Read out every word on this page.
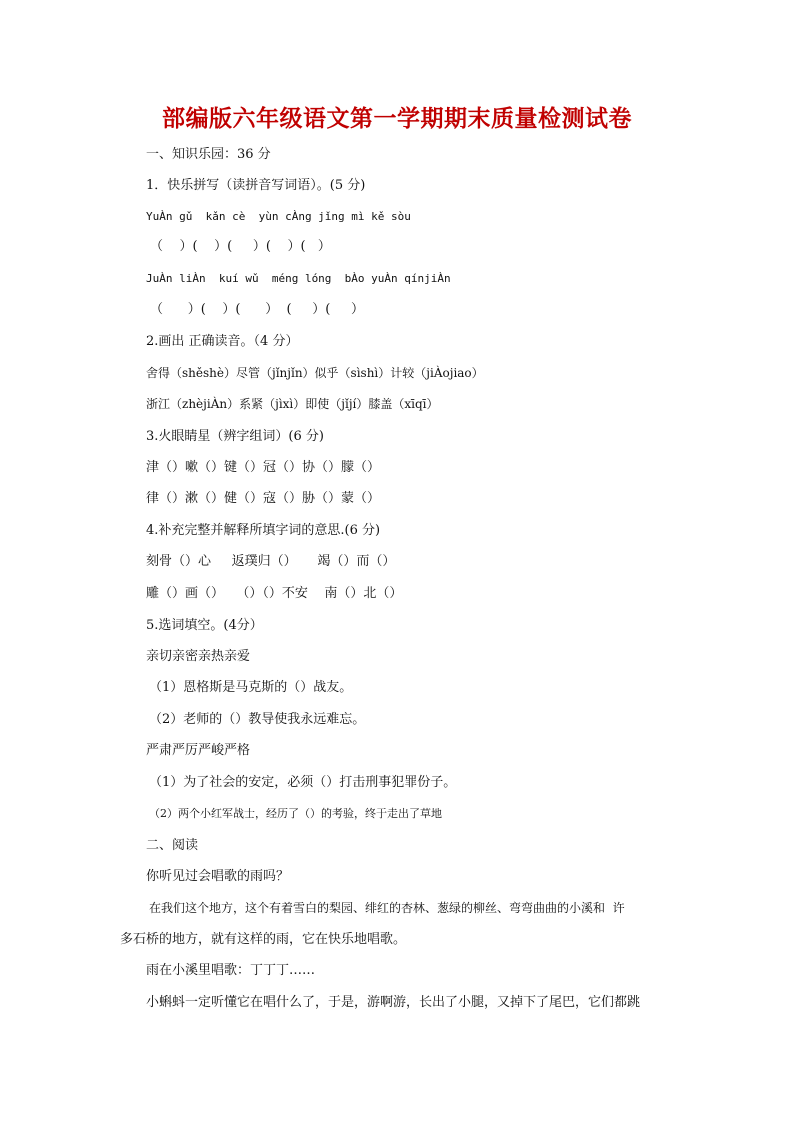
部编版六年级语文第一学期期末质量检测试卷
一、知识乐园：36 分
1．快乐拼写（读拼音写词语）。(5 分)
YuÀn gǔ  kǎn cè  yùn cÀng jǐng mì kě sòu
（    ）(    ）(     ）(    ）(   ）
JuÀn liÀn  kuí wǔ  méng lóng  bÀo yuÀn qínjiÀn
（      ）(    ）(      ）  (     ）(     ）
2.画出 正确读音。（4 分）
舍得（shěshè）尽管（jǐnjǐn）似乎（sìshì）计较（jiÀojiao）
浙江（zhèjiÀn）系紧（jìxì）即使（jǐjí）膝盖（xīqī）
3.火眼睛星（辨字组词）(6 分)
津（）嗽（）键（）冠（）协（）朦（）
律（）漱（）健（）寇（）胁（）蒙（）
4.补充完整并解释所填字词的意思.(6 分)
刻骨（）心     返璞归（）     竭（）而（）
雕（）画（）   （）（）不安    南（）北（）
5.选词填空。(4分）
亲切亲密亲热亲爱
（1）恩格斯是马克斯的（）战友。
（2）老师的（）教导使我永远难忘。
严肃严厉严峻严格
（1）为了社会的安定，必须（）打击刑事犯罪份子。
（2）两个小红军战士，经历了（）的考验，终于走出了草地
二、阅读
你听见过会唱歌的雨吗？
在我们这个地方，这个有着雪白的梨园、绯红的杏林、葱绿的柳丝、弯弯曲曲的小溪和  许
多石桥的地方，就有这样的雨，它在快乐地唱歌。
雨在小溪里唱歌：丁丁丁……
小蝌蚪一定听懂它在唱什么了，于是，游啊游，长出了小腿，又掉下了尾巴，它们都跳
